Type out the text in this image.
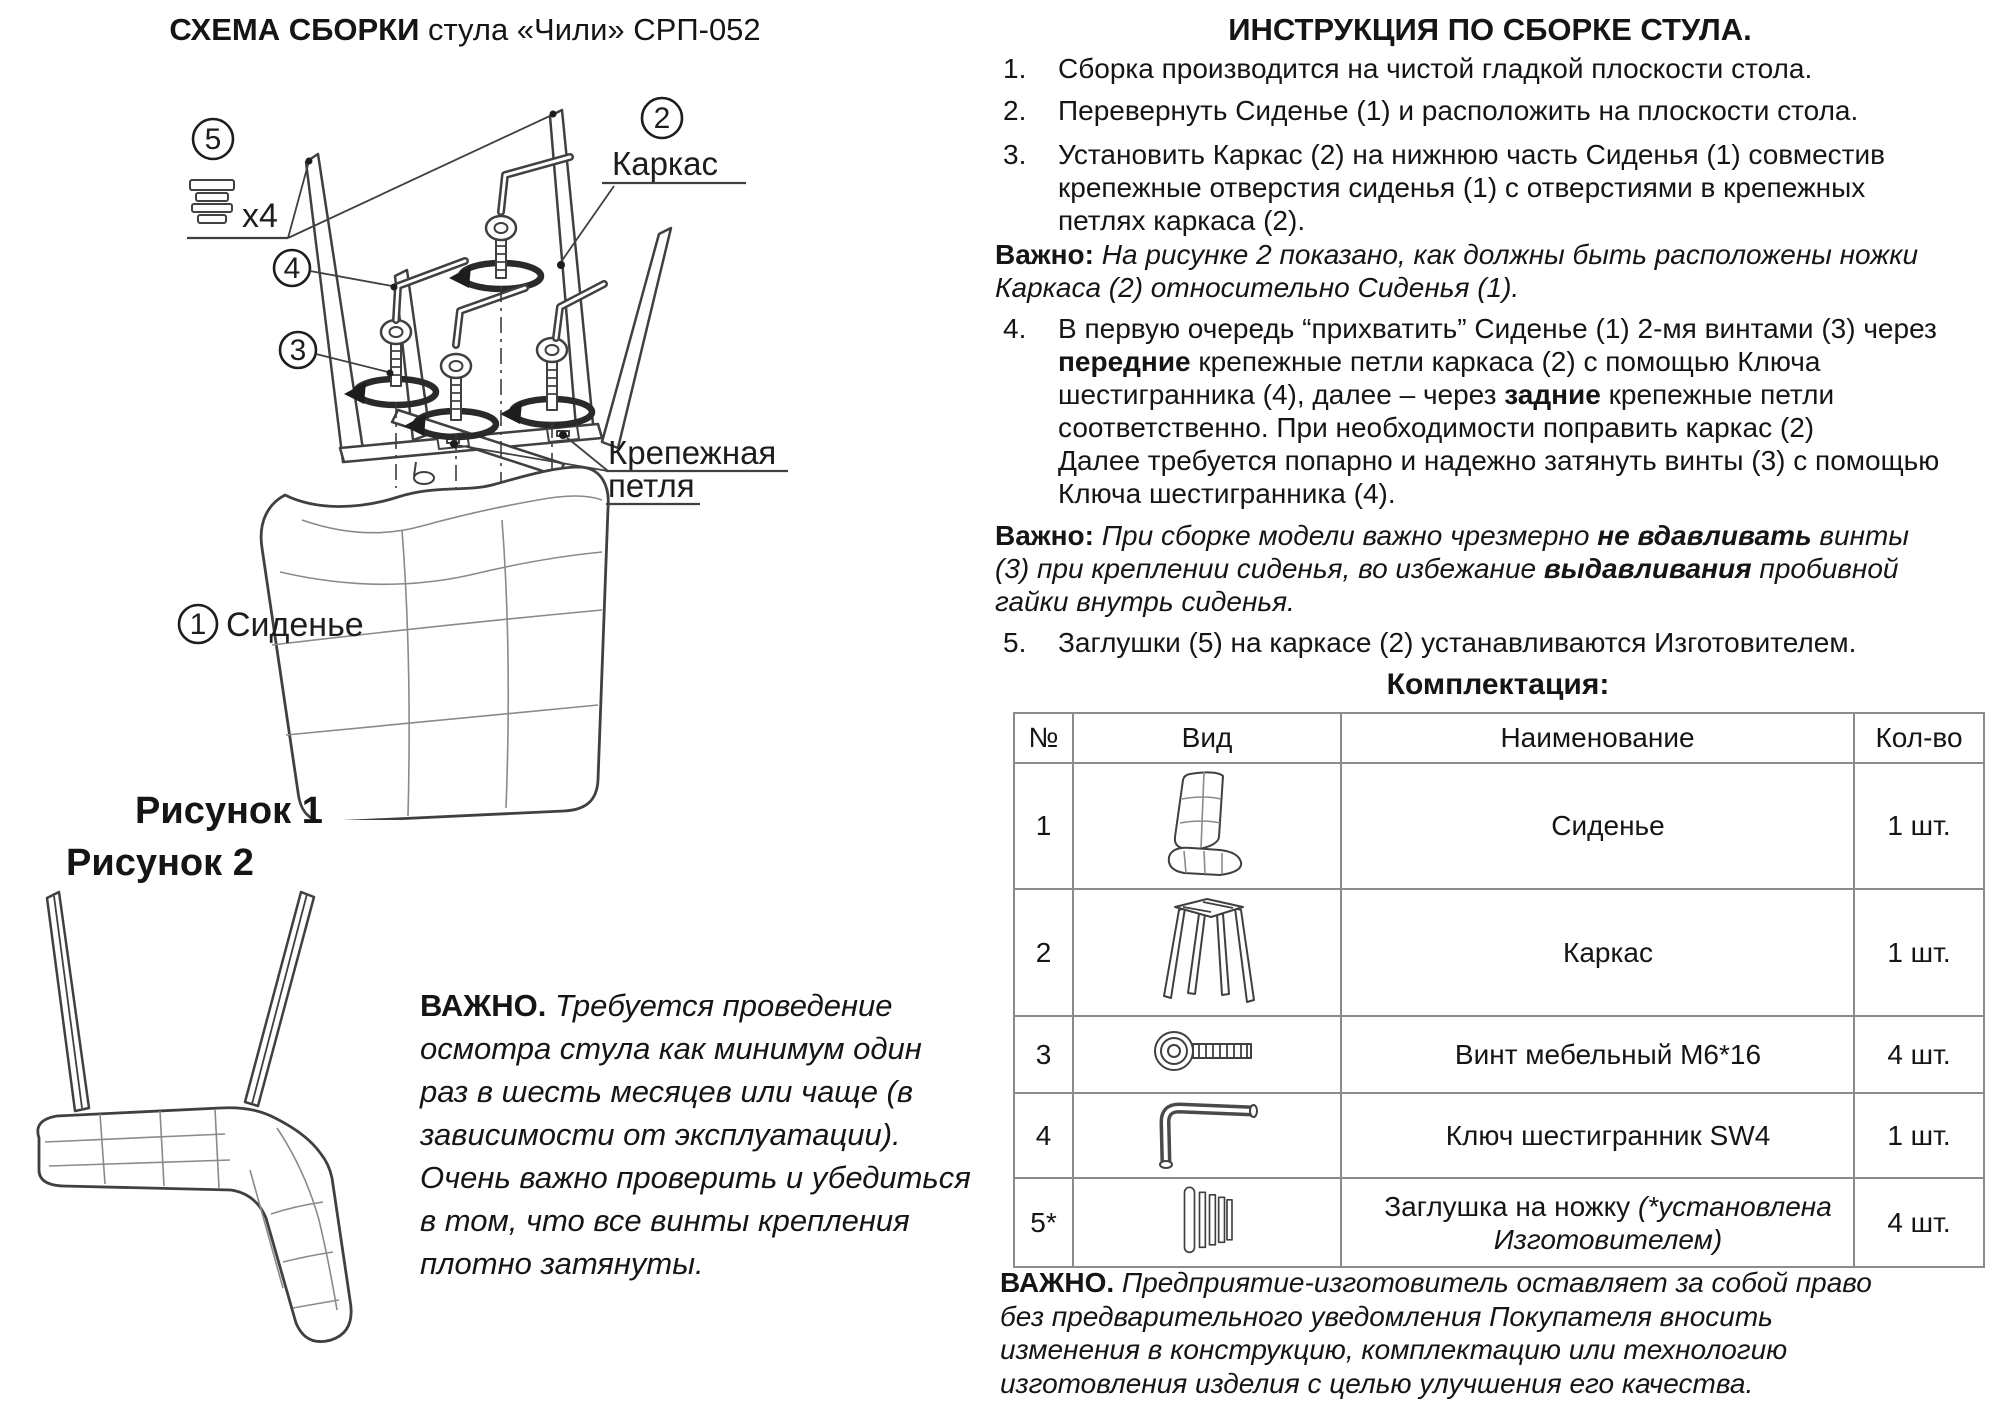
СХЕМА СБОРКИ стула «Чили» СРП-052
5
x4
2
Каркас
4
3
Крепежная
петля
1 Сиденье
Рисунок 1
Рисунок 2
ВАЖНО. Требуется проведение
осмотра стула как минимум один
раз в шесть месяцев или чаще (в
зависимости от эксплуатации).
Очень важно проверить и убедиться
в том, что все винты крепления
плотно затянуты.
ИНСТРУКЦИЯ ПО СБОРКЕ СТУЛА.
1. Сборка производится на чистой гладкой плоскости стола.
2. Перевернуть Сиденье (1) и расположить на плоскости стола.
3. Установить Каркас (2) на нижнюю часть Сиденья (1) совместив
крепежные отверстия сиденья (1) с отверстиями в крепежных
петлях каркаса (2).
Важно: На рисунке 2 показано, как должны быть расположены ножки
Каркаса (2) относительно Сиденья (1).
4. В первую очередь “прихватить” Сиденье (1) 2-мя винтами (3) через
передние крепежные петли каркаса (2) с помощью Ключа
шестигранника (4), далее – через задние крепежные петли
соответственно. При необходимости поправить каркас (2)
Далее требуется попарно и надежно затянуть винты (3) с помощью
Ключа шестигранника (4).
Важно: При сборке модели важно чрезмерно не вдавливать винты
(3) при креплении сиденья, во избежание выдавливания пробивной
гайки внутрь сиденья.
5. Заглушки (5) на каркасе (2) устанавливаются Изготовителем.
Комплектация:
№	Вид	Наименование	Кол-во
1		Сиденье	1 шт.
2		Каркас	1 шт.
3		Винт мебельный М6*16	4 шт.
4		Ключ шестигранник SW4	1 шт.
5*		Заглушка на ножку (*установлена
Изготовителем)	4 шт.
ВАЖНО. Предприятие-изготовитель оставляет за собой право
без предварительного уведомления Покупателя вносить
изменения в конструкцию, комплектацию или технологию
изготовления изделия с целью улучшения его качества.
